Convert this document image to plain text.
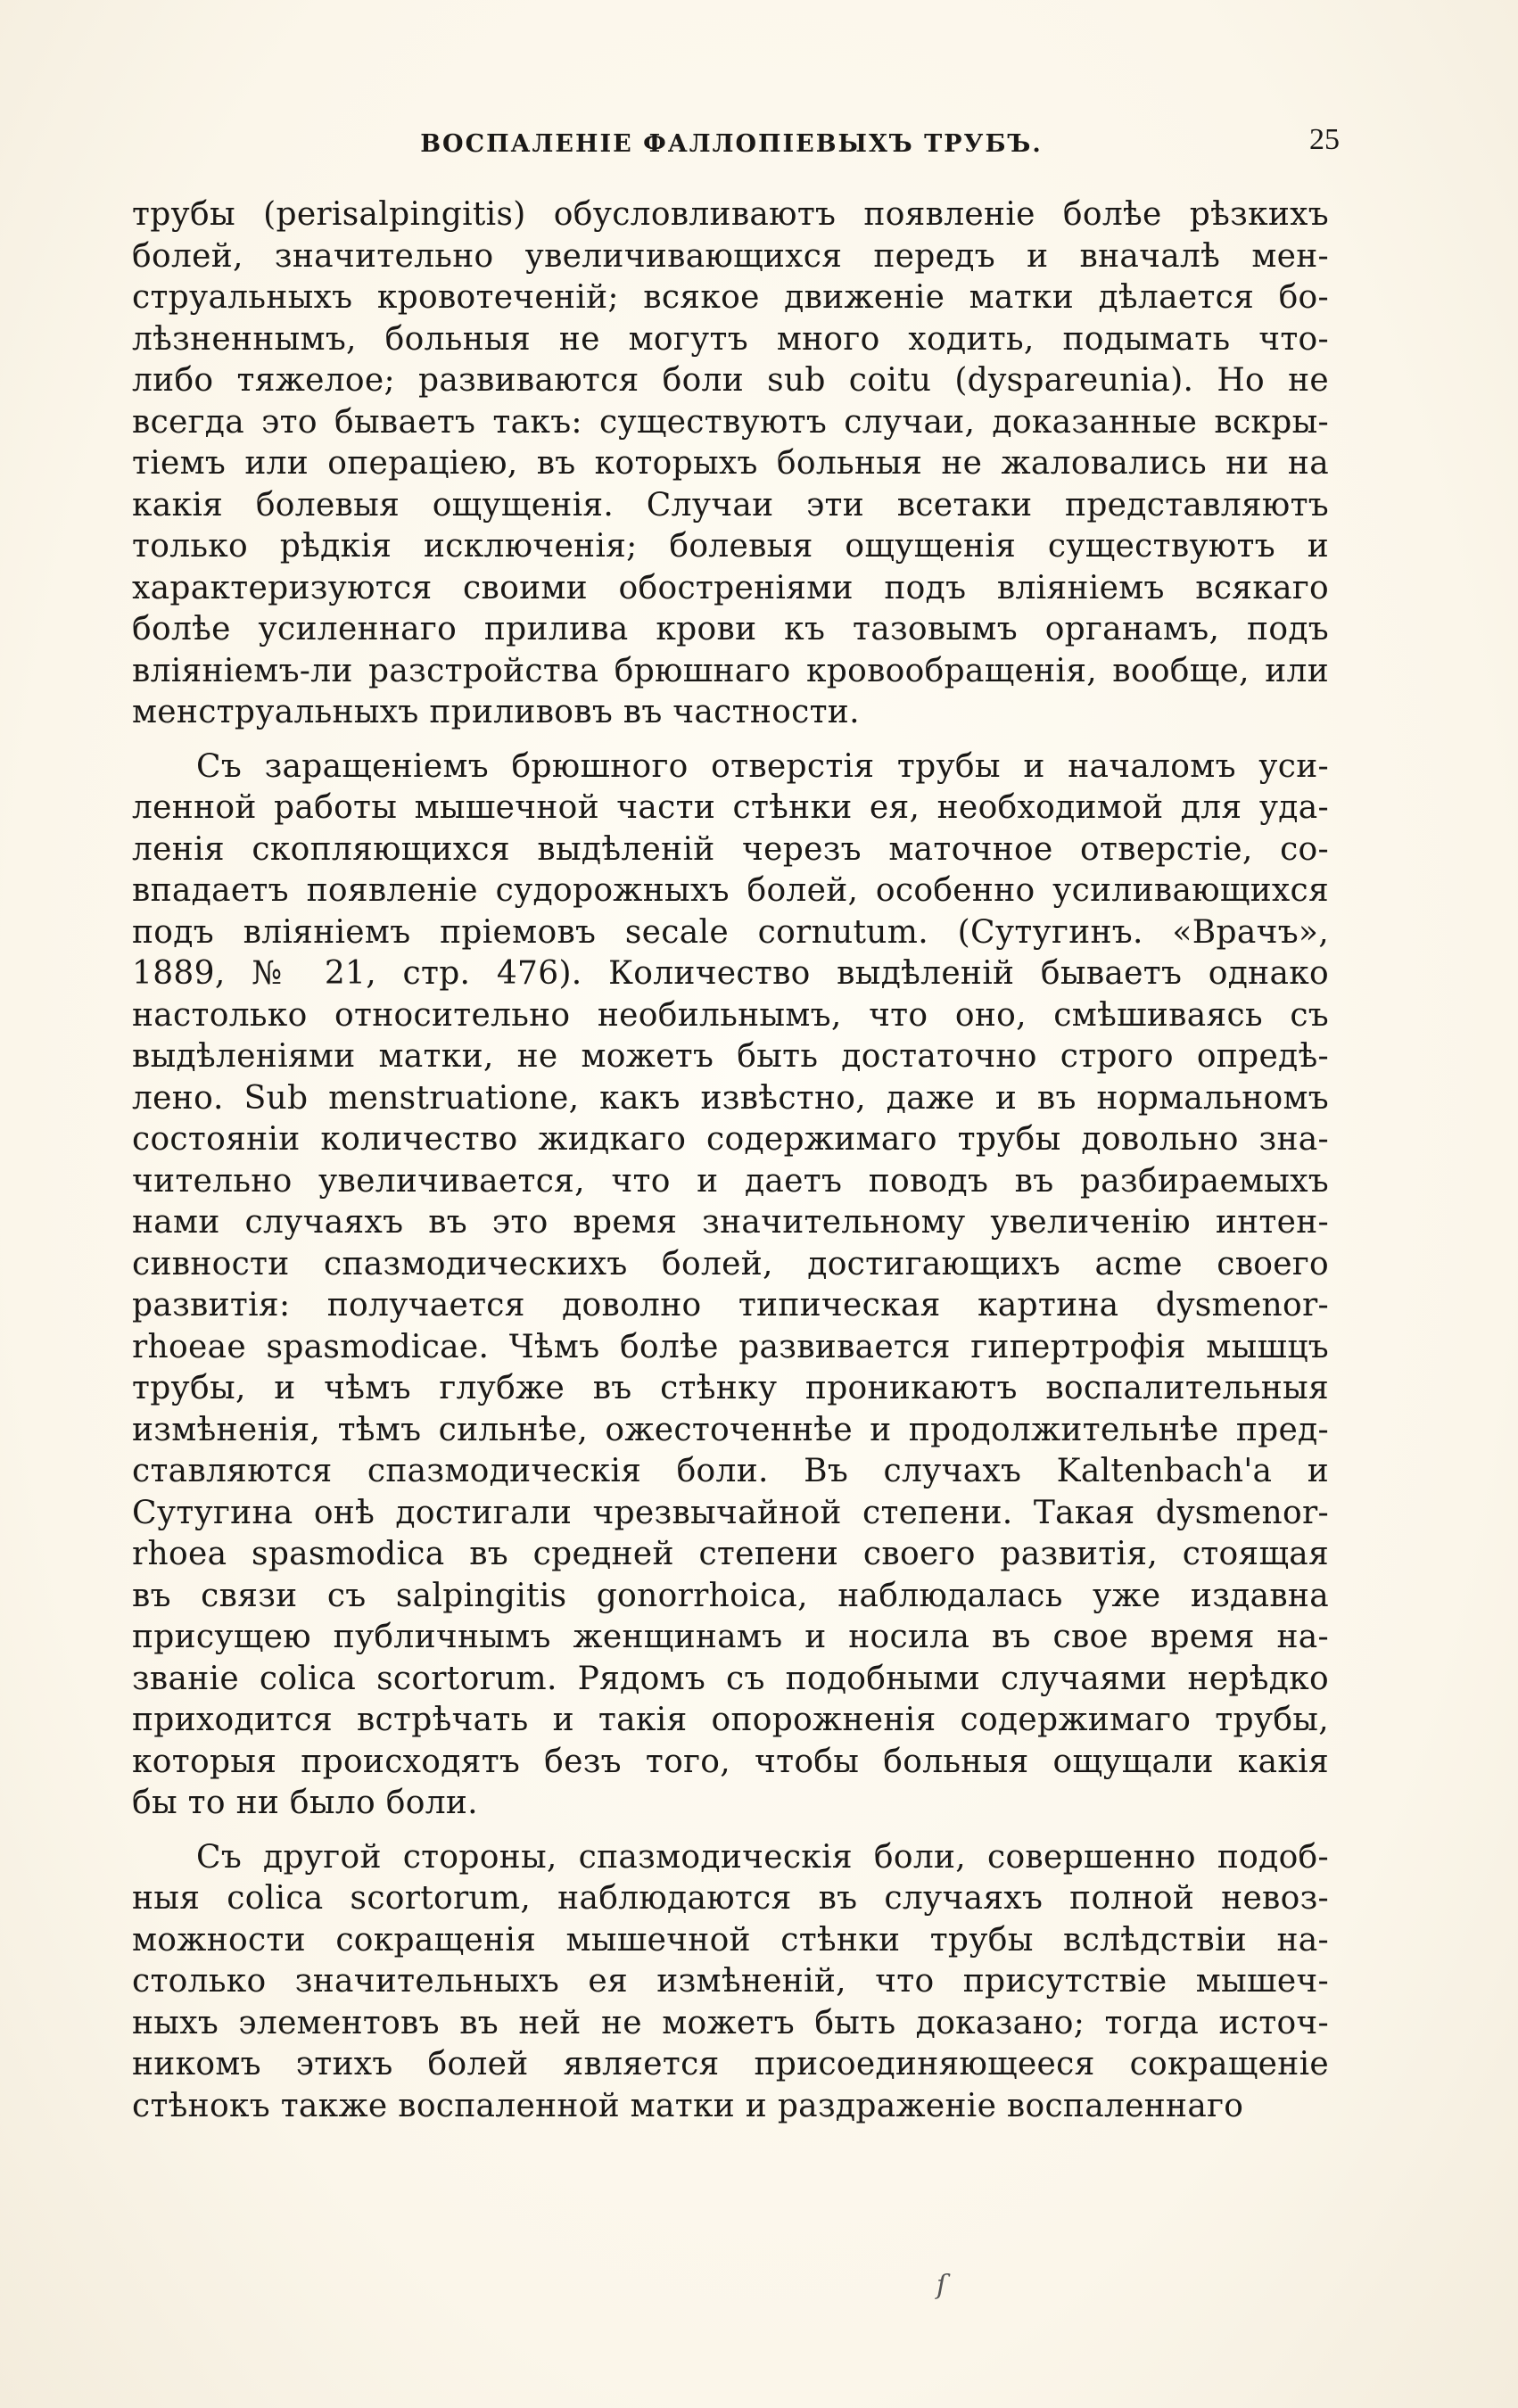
ВОСПАЛЕНІЕ ФАЛЛОПІЕВЫХЪ ТРУБЪ.	25
трубы (perisalpingitis) обусловливаютъ появленіе болѣе рѣзкихъ
болей, значительно увеличивающихся передъ и вначалѣ мен-
струальныхъ кровотеченій; всякое движеніе матки дѣлается бо-
лѣзненнымъ, больныя не могутъ много ходить, подымать что-
либо тяжелое; развиваются боли sub coitu (dyspareunia). Но не
всегда это бываетъ такъ: существуютъ случаи, доказанные вскры-
тіемъ или операціею, въ которыхъ больныя не жаловались ни на
какія болевыя ощущенія. Случаи эти всетаки представляютъ
только рѣдкія исключенія; болевыя ощущенія существуютъ и
характеризуются своими обостреніями подъ вліяніемъ всякаго
болѣе усиленнаго прилива крови къ тазовымъ органамъ, подъ
вліяніемъ-ли разстройства брюшнаго кровообращенія, вообще, или
менструальныхъ приливовъ въ частности.
Съ заращеніемъ брюшного отверстія трубы и началомъ уси-
ленной работы мышечной части стѣнки ея, необходимой для уда-
ленія скопляющихся выдѣленій черезъ маточное отверстіе, со-
впадаетъ появленіе судорожныхъ болей, особенно усиливающихся
подъ вліяніемъ пріемовъ secale cornutum. (Сутугинъ. «Врачъ»,
1889, № 21, стр. 476). Количество выдѣленій бываетъ однако
настолько относительно необильнымъ, что оно, смѣшиваясь съ
выдѣленіями матки, не можетъ быть достаточно строго опредѣ-
лено. Sub menstruatione, какъ извѣстно, даже и въ нормальномъ
состояніи количество жидкаго содержимаго трубы довольно зна-
чительно увеличивается, что и даетъ поводъ въ разбираемыхъ
нами случаяхъ въ это время значительному увеличенію интен-
сивности спазмодическихъ болей, достигающихъ acme своего
развитія: получается доволно типическая картина dysmenor-
rhoeae spasmodicae. Чѣмъ болѣе развивается гипертрофія мышцъ
трубы, и чѣмъ глубже въ стѣнку проникаютъ воспалительныя
измѣненія, тѣмъ сильнѣе, ожесточеннѣе и продолжительнѣе пред-
ставляются спазмодическія боли. Въ случахъ Kaltenbach'а и
Сутугина онѣ достигали чрезвычайной степени. Такая dysmenor-
rhoea spasmodica въ средней степени своего развитія, стоящая
въ связи съ salpingitis gonorrhoica, наблюдалась уже издавна
присущею публичнымъ женщинамъ и носила въ свое время на-
званіе colica scortorum. Рядомъ съ подобными случаями нерѣдко
приходится встрѣчать и такія опорожненія содержимаго трубы,
которыя происходятъ безъ того, чтобы больныя ощущали какія
бы то ни было боли.
Съ другой стороны, спазмодическія боли, совершенно подоб-
ныя colica scortorum, наблюдаются въ случаяхъ полной невоз-
можности сокращенія мышечной стѣнки трубы вслѣдствіи на-
столько значительныхъ ея измѣненій, что присутствіе мышеч-
ныхъ элементовъ въ ней не можетъ быть доказано; тогда источ-
никомъ этихъ болей является присоединяющееся сокращеніе
стѣнокъ также воспаленной матки и раздраженіе воспаленнаго
ſ
